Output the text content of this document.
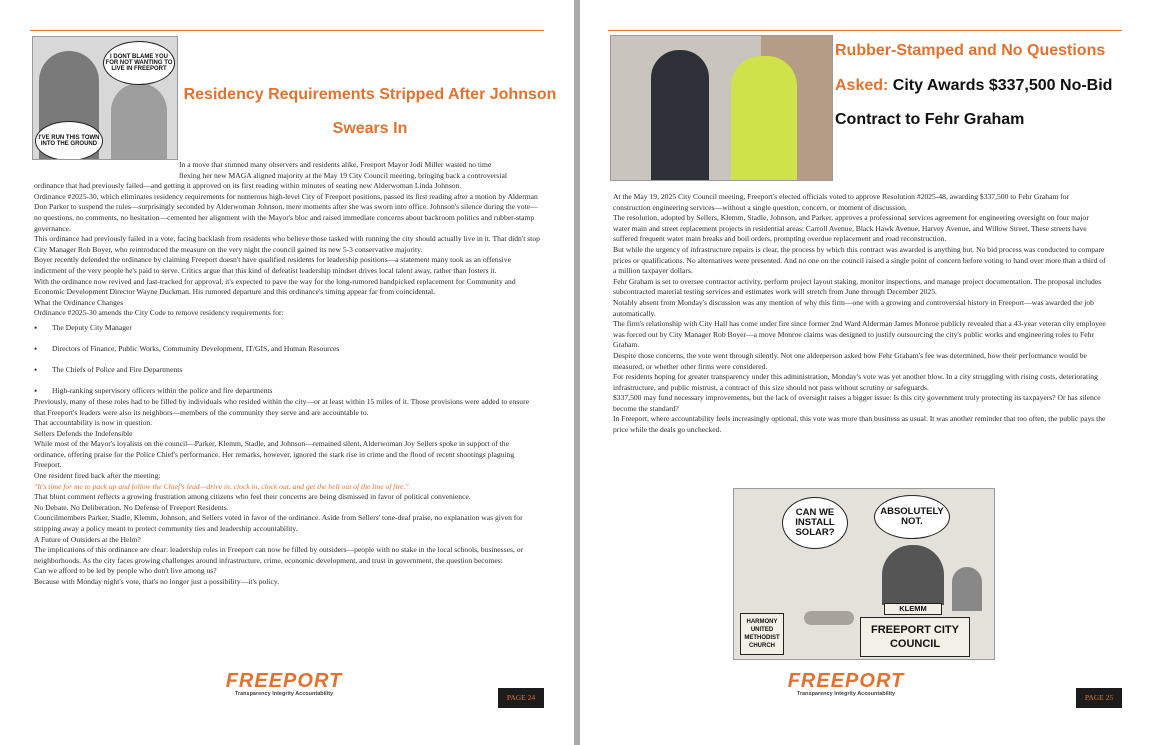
I DONT BLAME YOU FOR NOT WANTING TO LIVE IN FREEPORT
I'VE RUN THIS TOWN INTO THE GROUND
Residency Requirements Stripped After Johnson Swears In

In a move that stunned many observers and residents alike, Freeport Mayor Jodi Miller wasted no time

flexing her new MAGA aligned majority at the May 19 City Council meeting, bringing back a controversial

ordinance that had previously failed—and getting it approved on its first reading within minutes of seating new Alderwoman Linda Johnson.

Ordinance #2025-30, which eliminates residency requirements for numerous high-level City of Freeport positions, passed its first reading after a motion by Alderman Don Parker to suspend the rules—surprisingly seconded by Alderwoman Johnson, mere moments after she was sworn into office. Johnson's silence during the vote—no questions, no comments, no hesitation—cemented her alignment with the Mayor's bloc and raised immediate concerns about backroom politics and rubber-stamp governance.

This ordinance had previously failed in a vote, facing backlash from residents who believe those tasked with running the city should actually live in it. That didn't stop City Manager Rob Boyer, who reintroduced the measure on the very night the council gained its new 5-3 conservative majority.

Boyer recently defended the ordinance by claiming Freeport doesn't have qualified residents for leadership positions—a statement many took as an offensive indictment of the very people he's paid to serve. Critics argue that this kind of defeatist leadership mindset drives local talent away, rather than fosters it.

With the ordinance now revived and fast-tracked for approval, it's expected to pave the way for the long-rumored handpicked replacement for Community and Economic Development Director Wayne Duckman. His rumored departure and this ordinance's timing appear far from coincidental.

What the Ordinance Changes

Ordinance #2025-30 amends the City Code to remove residency requirements for:

• The Deputy City Manager
• Directors of Finance, Public Works, Community Development, IT/GIS, and Human Resources
• The Chiefs of Police and Fire Departments
• High-ranking supervisory officers within the police and fire departments

Previously, many of these roles had to be filled by individuals who resided within the city—or at least within 15 miles of it. Those provisions were added to ensure that Freeport's leaders were also its neighbors—members of the community they serve and are accountable to.

That accountability is now in question.

Sellers Defends the Indefensible

While most of the Mayor's loyalists on the council—Parker, Klemm, Stadle, and Johnson—remained silent, Alderwoman Joy Sellers spoke in support of the ordinance, offering praise for the Police Chief's performance. Her remarks, however, ignored the stark rise in crime and the flood of recent shootings plaguing Freeport.

One resident fired back after the meeting:

"It's time for me to pack up and follow the Chief's lead—drive in, clock in, clock out, and get the hell out of the line of fire."

That blunt comment reflects a growing frustration among citizens who feel their concerns are being dismissed in favor of political convenience.

No Debate. No Deliberation. No Defense of Freeport Residents.

Councilmembers Parker, Stadle, Klemm, Johnson, and Sellers voted in favor of the ordinance. Aside from Sellers' tone-deaf praise, no explanation was given for stripping away a policy meant to protect community ties and leadership accountability.

A Future of Outsiders at the Helm?

The implications of this ordinance are clear: leadership roles in Freeport can now be filled by outsiders—people with no stake in the local schools, businesses, or neighborhoods. As the city faces growing challenges around infrastructure, crime, economic development, and trust in government, the question becomes:

Can we afford to be led by people who don't live among us?

Because with Monday night's vote, that's no longer just a possibility—it's policy.

FREEPORT
Transparency Integrity Accountability	PAGE 24
Rubber-Stamped and No Questions Asked: City Awards $337,500 No-Bid Contract to Fehr Graham

At the May 19, 2025 City Council meeting, Freeport's elected officials voted to approve Resolution #2025-48, awarding $337,500 to Fehr Graham for construction engineering services—without a single question, concern, or moment of discussion.

The resolution, adopted by Sellers, Klemm, Stadle, Johnson, and Parker, approves a professional services agreement for engineering oversight on four major water main and street replacement projects in residential areas: Carroll Avenue, Black Hawk Avenue, Harvey Avenue, and Willow Street. These streets have suffered frequent water main breaks and boil orders, prompting overdue replacement and road reconstruction.

But while the urgency of infrastructure repairs is clear, the process by which this contract was awarded is anything but. No bid process was conducted to compare prices or qualifications. No alternatives were presented. And no one on the council raised a single point of concern before voting to hand over more than a third of a million taxpayer dollars.

Fehr Graham is set to oversee contractor activity, perform project layout staking, monitor inspections, and manage project documentation. The proposal includes subcontracted material testing services and estimates work will stretch from June through December 2025.

Notably absent from Monday's discussion was any mention of why this firm—one with a growing and controversial history in Freeport—was awarded the job automatically.

The firm's relationship with City Hall has come under fire since former 2nd Ward Alderman James Monroe publicly revealed that a 43-year veteran city employee was forced out by City Manager Rob Boyer—a move Monroe claims was designed to justify outsourcing the city's public works and engineering roles to Fehr Graham.

Despite those concerns, the vote went through silently. Not one alderperson asked how Fehr Graham's fee was determined, how their performance would be measured, or whether other firms were considered.

For residents hoping for greater transparency under this administration, Monday's vote was yet another blow. In a city struggling with rising costs, deteriorating infrastructure, and public mistrust, a contract of this size should not pass without scrutiny or safeguards.

$337,500 may fund necessary improvements, but the lack of oversight raises a bigger issue: Is this city government truly protecting its taxpayers? Or has silence become the standard?

In Freeport, where accountability feels increasingly optional, this vote was more than business as usual. It was another reminder that too often, the public pays the price while the deals go unchecked.

CAN WE INSTALL SOLAR?
ABSOLUTELY NOT.
HARMONY UNITED METHODIST CHURCH
KLEMM
FREEPORT CITY COUNCIL
FREEPORT
Transparency Integrity Accountability	PAGE 25
